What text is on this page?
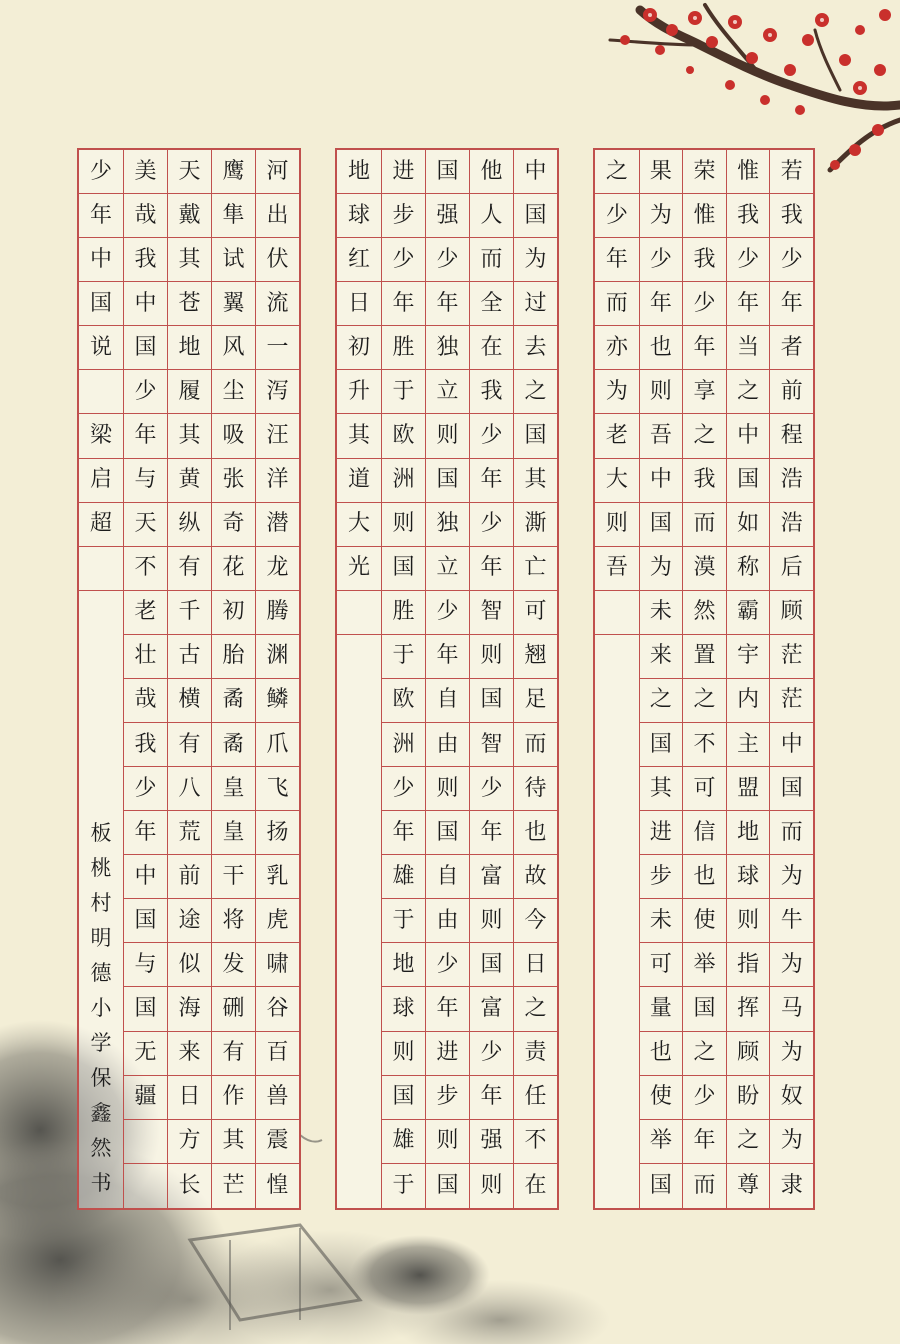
若
我
少
年
者
前
程
浩
浩
后
顾
茫
茫
中
国
而
为
牛
为
马
为
奴
为
隶
惟
我
少
年
当
之
中
国
如
称
霸
宇
内
主
盟
地
球
则
指
挥
顾
盼
之
尊
荣
惟
我
少
年
享
之
我
而
漠
然
置
之
不
可
信
也
使
举
国
之
少
年
而
果
为
少
年
也
则
吾
中
国
为
未
来
之
国
其
进
步
未
可
量
也
使
举
国
之
少
年
而
亦
为
老
大
则
吾
中
国
为
过
去
之
国
其
澌
亡
可
翘
足
而
待
也
故
今
日
之
责
任
不
在
他
人
而
全
在
我
少
年
少
年
智
则
国
智
少
年
富
则
国
富
少
年
强
则
国
强
少
年
独
立
则
国
独
立
少
年
自
由
则
国
自
由
少
年
进
步
则
国
进
步
少
年
胜
于
欧
洲
则
国
胜
于
欧
洲
少
年
雄
于
地
球
则
国
雄
于
地
球
红
日
初
升
其
道
大
光
河
出
伏
流
一
泻
汪
洋
潜
龙
腾
渊
鳞
爪
飞
扬
乳
虎
啸
谷
百
兽
震
惶
鹰
隼
试
翼
风
尘
吸
张
奇
花
初
胎
矞
矞
皇
皇
干
将
发
硎
有
作
其
芒
天
戴
其
苍
地
履
其
黄
纵
有
千
古
横
有
八
荒
前
途
似
海
来
日
方
长
美
哉
我
中
国
少
年
与
天
不
老
壮
哉
我
少
年
中
国
与
国
无
疆
少
年
中
国
说
梁
启
超
板
桃
村
明
德
小
学
保
鑫
然
书
